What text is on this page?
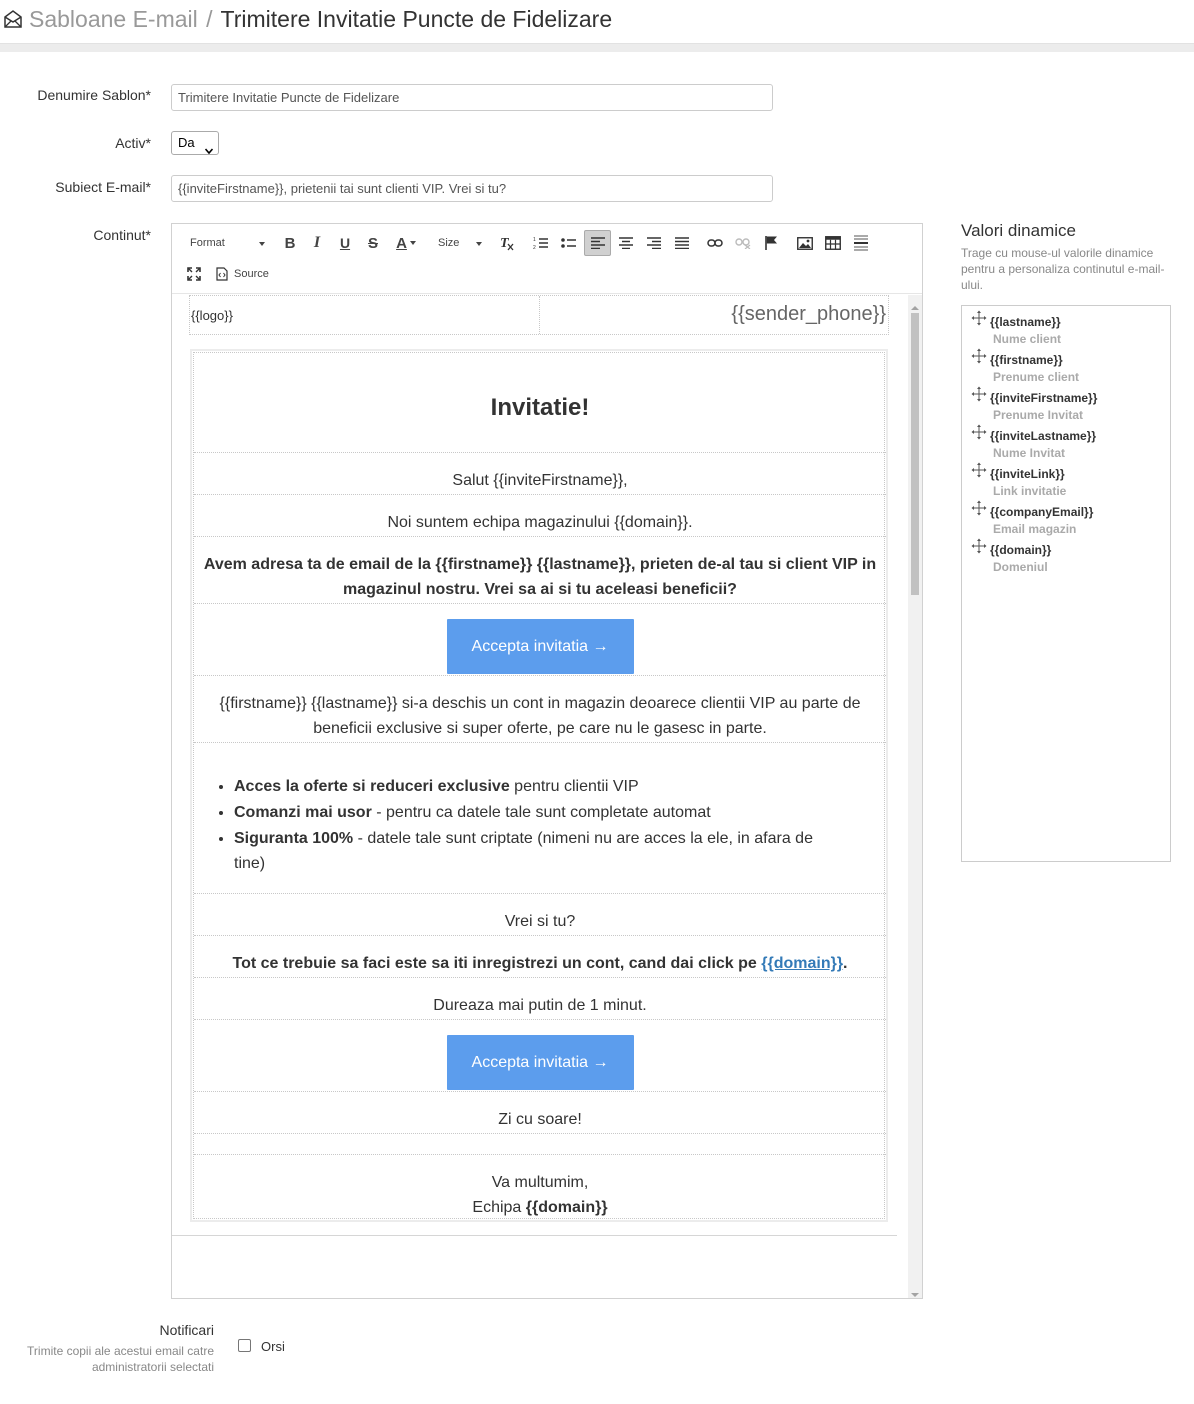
Sabloane E-mail / Trimitere Invitatie Puncte de Fidelizare
Denumire Sablon*	Trimitere Invitatie Puncte de Fidelizare
Activ*	Da
Subiect E-mail*	{{inviteFirstname}}, prietenii tai sunt clienti VIP. Vrei si tu?
Continut*	Format	B	I	U	S	A	Size	T	1
2
Source
{{logo}}	{{sender_phone}}
Invitatie!
Salut {{inviteFirstname}},
Noi suntem echipa magazinului {{domain}}.
Avem adresa ta de email de la {{firstname}} {{lastname}}, prieten de-al tau si client VIP in magazinul nostru. Vrei sa ai si tu aceleasi beneficii?
Accepta invitatia →
{{firstname}} {{lastname}} si-a deschis un cont in magazin deoarece clientii VIP au parte de beneficii exclusive si super oferte, pe care nu le gasesc in parte.
• Acces la oferte si reduceri exclusive pentru clientii VIP
• Comanzi mai usor - pentru ca datele tale sunt completate automat
• Siguranta 100% - datele tale sunt criptate (nimeni nu are acces la ele, in afara de tine)
Vrei si tu?
Tot ce trebuie sa faci este sa iti inregistrezi un cont, cand dai click pe {{domain}}.
Dureaza mai putin de 1 minut.
Accepta invitatia →
Zi cu soare!
Va multumim,
Echipa {{domain}}
Valori dinamice
Trage cu mouse-ul valorile dinamice pentru a personaliza continutul e-mail-ului.
{{lastname}}
Nume client
{{firstname}}
Prenume client
{{inviteFirstname}}
Prenume Invitat
{{inviteLastname}}
Nume Invitat
{{inviteLink}}
Link invitatie
{{companyEmail}}
Email magazin
{{domain}}
Domeniul
Notificari
Trimite copii ale acestui email catre administratorii selectati
Orsi
